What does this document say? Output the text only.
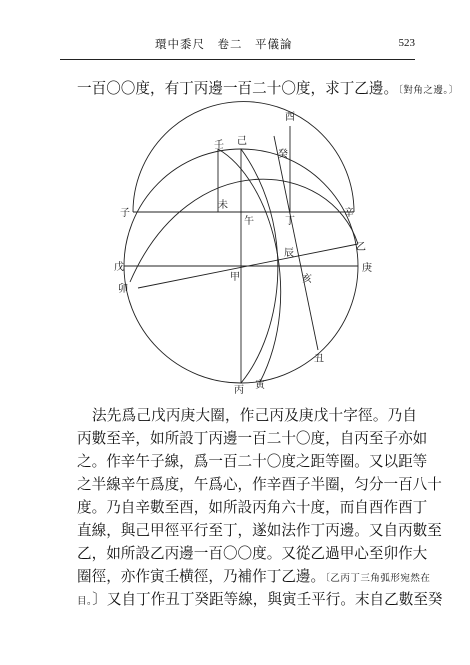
環中黍尺　卷二　平儀論	523
一百〇〇度，有丁丙邊一百二十〇度，求丁乙邊。〔對角之邊。〕
酉
壬 己
癸
子
未
午	丁
辛
辰
乙
戊
甲	亥
庚
卯
丑
丙 寅
法先爲己戊丙庚大圈，作己丙及庚戊十字徑。乃自
丙數至辛，如所設丁丙邊一百二十〇度，自丙至子亦如
之。作辛午子線，爲一百二十〇度之距等圈。又以距等
之半線辛午爲度，午爲心，作辛酉子半圈，匀分一百八十
度。乃自辛數至酉，如所設丙角六十度，而自酉作酉丁
直線，與己甲徑平行至丁，遂如法作丁丙邊。又自丙數至
乙，如所設乙丙邊一百〇〇度。又從乙過甲心至卯作大
圈徑，亦作寅壬横徑，乃補作丁乙邊。〔乙丙丁三角弧形宛然在
目。〕又自丁作丑丁癸距等線，與寅壬平行。末自乙數至癸
